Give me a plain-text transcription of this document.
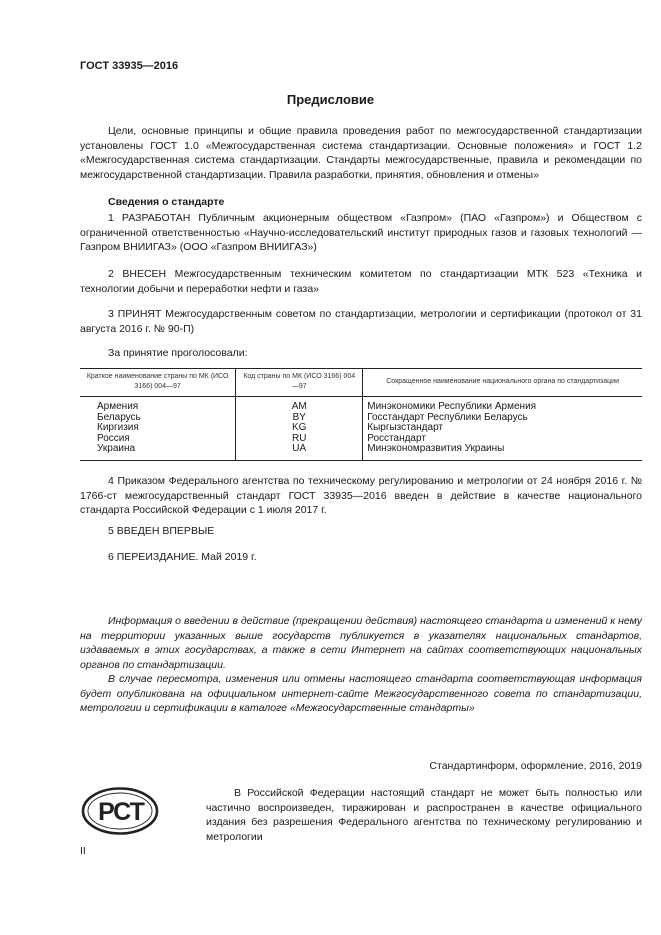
ГОСТ 33935—2016
Предисловие

Цели, основные принципы и общие правила проведения работ по межгосударственной стандартизации установлены ГОСТ 1.0 «Межгосударственная система стандартизации. Основные положения» и ГОСТ 1.2 «Межгосударственная система стандартизации. Стандарты межгосударственные, правила и рекомендации по межгосударственной стандартизации. Правила разработки, принятия, обновления и отмены»

Сведения о стандарте

1 РАЗРАБОТАН Публичным акционерным обществом «Газпром» (ПАО «Газпром») и Обществом с ограниченной ответственностью «Научно-исследовательский институт природных газов и газовых технологий — Газпром ВНИИГАЗ» (ООО «Газпром ВНИИГАЗ»)

2 ВНЕСЕН Межгосударственным техническим комитетом по стандартизации МТК 523 «Техника и технологии добычи и переработки нефти и газа»

3 ПРИНЯТ Межгосударственным советом по стандартизации, метрологии и сертификации (протокол от 31 августа 2016 г. № 90-П)

За принятие проголосовали:

Краткое наименование страны по МК (ИСО 3166) 004—97	Код страны по МК (ИСО 3166) 004—97	Сокращенное наименование национального органа по стандартизации
Армения	AM	Минэкономики Республики Армения
Беларусь	BY	Госстандарт Республики Беларусь
Киргизия	KG	Кыргызстандарт
Россия	RU	Росстандарт
Украина	UA	Минэкономразвития Украины

4 Приказом Федерального агентства по техническому регулированию и метрологии от 24 ноября 2016 г. № 1766-ст межгосударственный стандарт ГОСТ 33935—2016 введен в действие в качестве национального стандарта Российской Федерации с 1 июля 2017 г.

5 ВВЕДЕН ВПЕРВЫЕ

6 ПЕРЕИЗДАНИЕ. Май 2019 г.

Информация о введении в действие (прекращении действия) настоящего стандарта и изменений к нему на территории указанных выше государств публикуется в указателях национальных стандартов, издаваемых в этих государствах, а также в сети Интернет на сайтах соответствующих национальных органов по стандартизации.

В случае пересмотра, изменения или отмены настоящего стандарта соответствующая информация будет опубликована на официальном интернет-сайте Межгосударственного совета по стандартизации, метрологии и сертификации в каталоге «Межгосударственные стандарты»

Стандартинформ, оформление, 2016, 2019
РСТ

В Российской Федерации настоящий стандарт не может быть полностью или частично воспроизведен, тиражирован и распространен в качестве официального издания без разрешения Федерального агентства по техническому регулированию и метрологии

II
